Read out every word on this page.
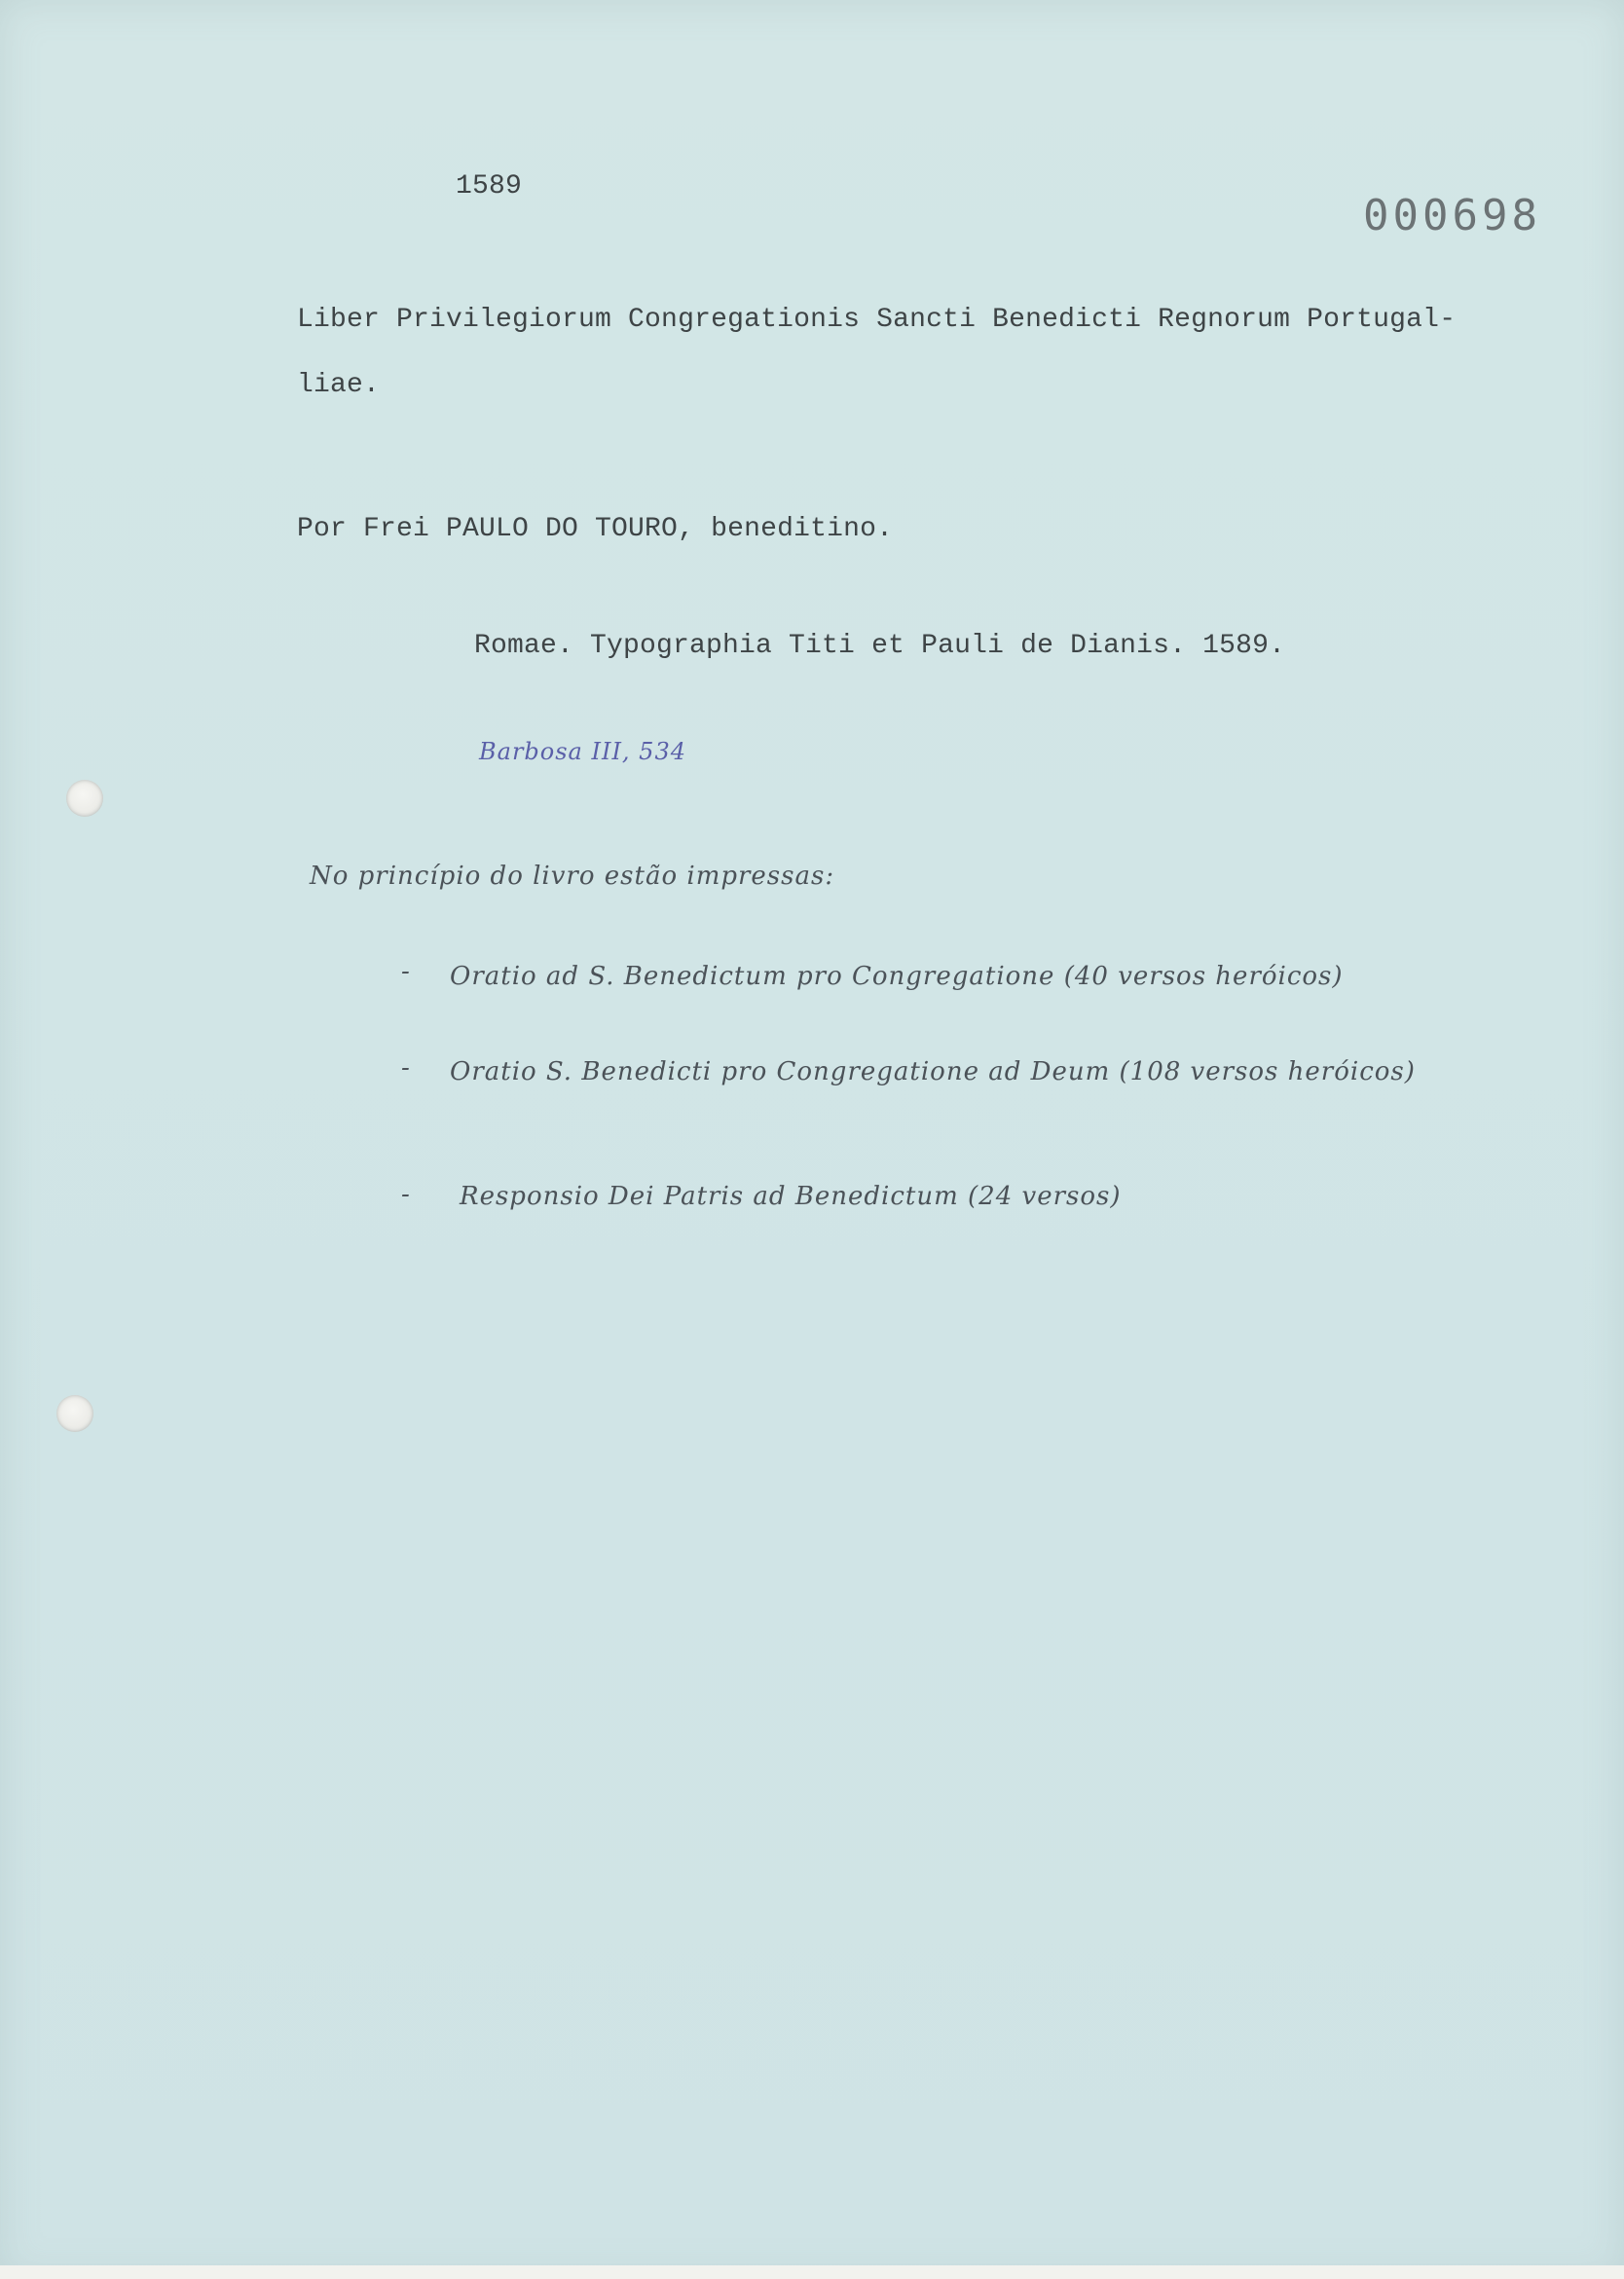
1589
000698
Liber Privilegiorum Congregationis Sancti Benedicti Regnorum Portugal-
liae.
Por Frei PAULO DO TOURO, beneditino.
Romae. Typographia Titi et Pauli de Dianis. 1589.
Barbosa III, 534
No princípio do livro estão impressas:
- Oratio ad S. Benedictum pro Congregatione (40 versos heróicos)
- Oratio S. Benedicti pro Congregatione ad Deum (108 versos heróicos)
- Responsio Dei Patris ad Benedictum (24 versos)
